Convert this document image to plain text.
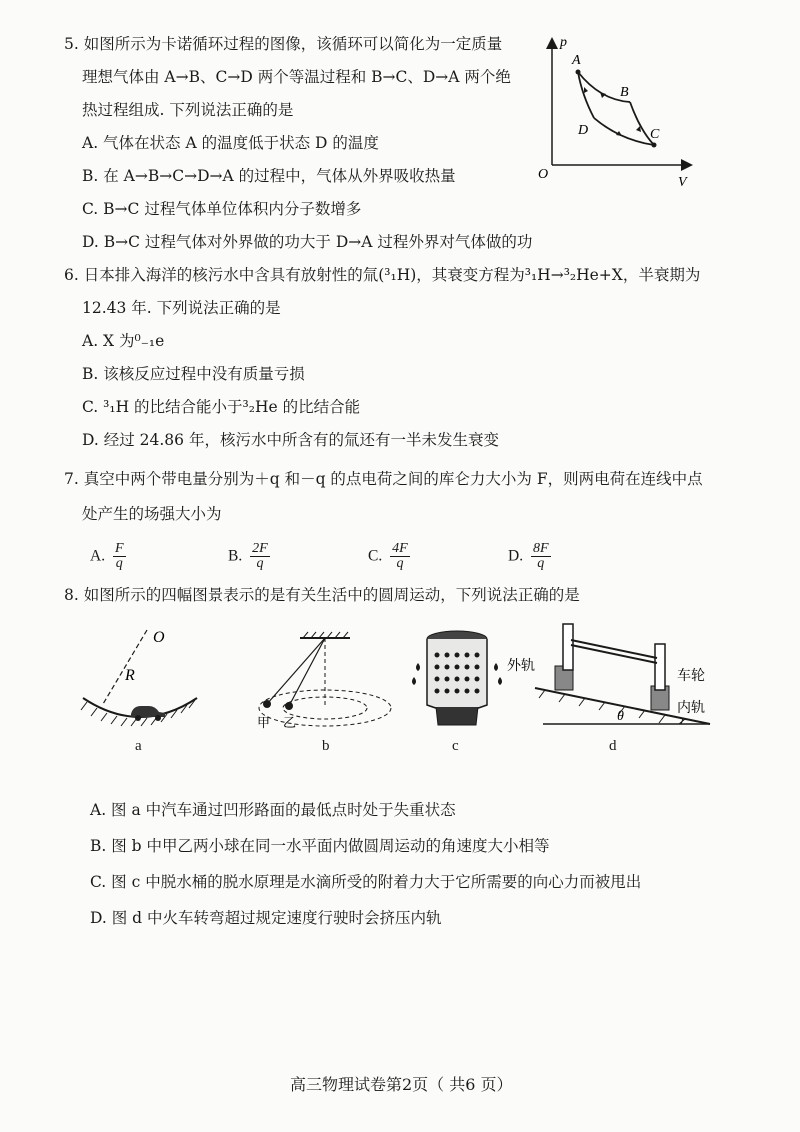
5. 如图所示为卡诺循环过程的图像，该循环可以简化为一定质量
理想气体由 A→B、C→D 两个等温过程和 B→C、D→A 两个绝
热过程组成. 下列说法正确的是
A. 气体在状态 A 的温度低于状态 D 的温度
B. 在 A→B→C→D→A 的过程中，气体从外界吸收热量
C. B→C 过程气体单位体积内分子数增多
D. B→C 过程气体对外界做的功大于 D→A 过程外界对气体做的功
p
V
O
A
B
C
D
6. 日本排入海洋的核污水中含具有放射性的氚(³₁H)，其衰变方程为³₁H→³₂He+X，半衰期为
12.43 年. 下列说法正确的是
A. X 为⁰₋₁e
B. 该核反应过程中没有质量亏损
C. ³₁H 的比结合能小于³₂He 的比结合能
D. 经过 24.86 年，核污水中所含有的氚还有一半未发生衰变
7. 真空中两个带电量分别为＋q 和－q 的点电荷之间的库仑力大小为 F，则两电荷在连线中点
处产生的场强大小为
A. $\frac{F}{q}$	B. $\frac{2F}{q}$	C. $\frac{4F}{q}$	D. $\frac{8F}{q}$
8. 如图所示的四幅图景表示的是有关生活中的圆周运动，下列说法正确的是
O
R
a
甲 乙
b	c
θ
外轨
车轮
内轨
d
A. 图 a 中汽车通过凹形路面的最低点时处于失重状态
B. 图 b 中甲乙两小球在同一水平面内做圆周运动的角速度大小相等
C. 图 c 中脱水桶的脱水原理是水滴所受的附着力大于它所需要的向心力而被甩出
D. 图 d 中火车转弯超过规定速度行驶时会挤压内轨
高三物理试卷第2页（ 共6 页）
